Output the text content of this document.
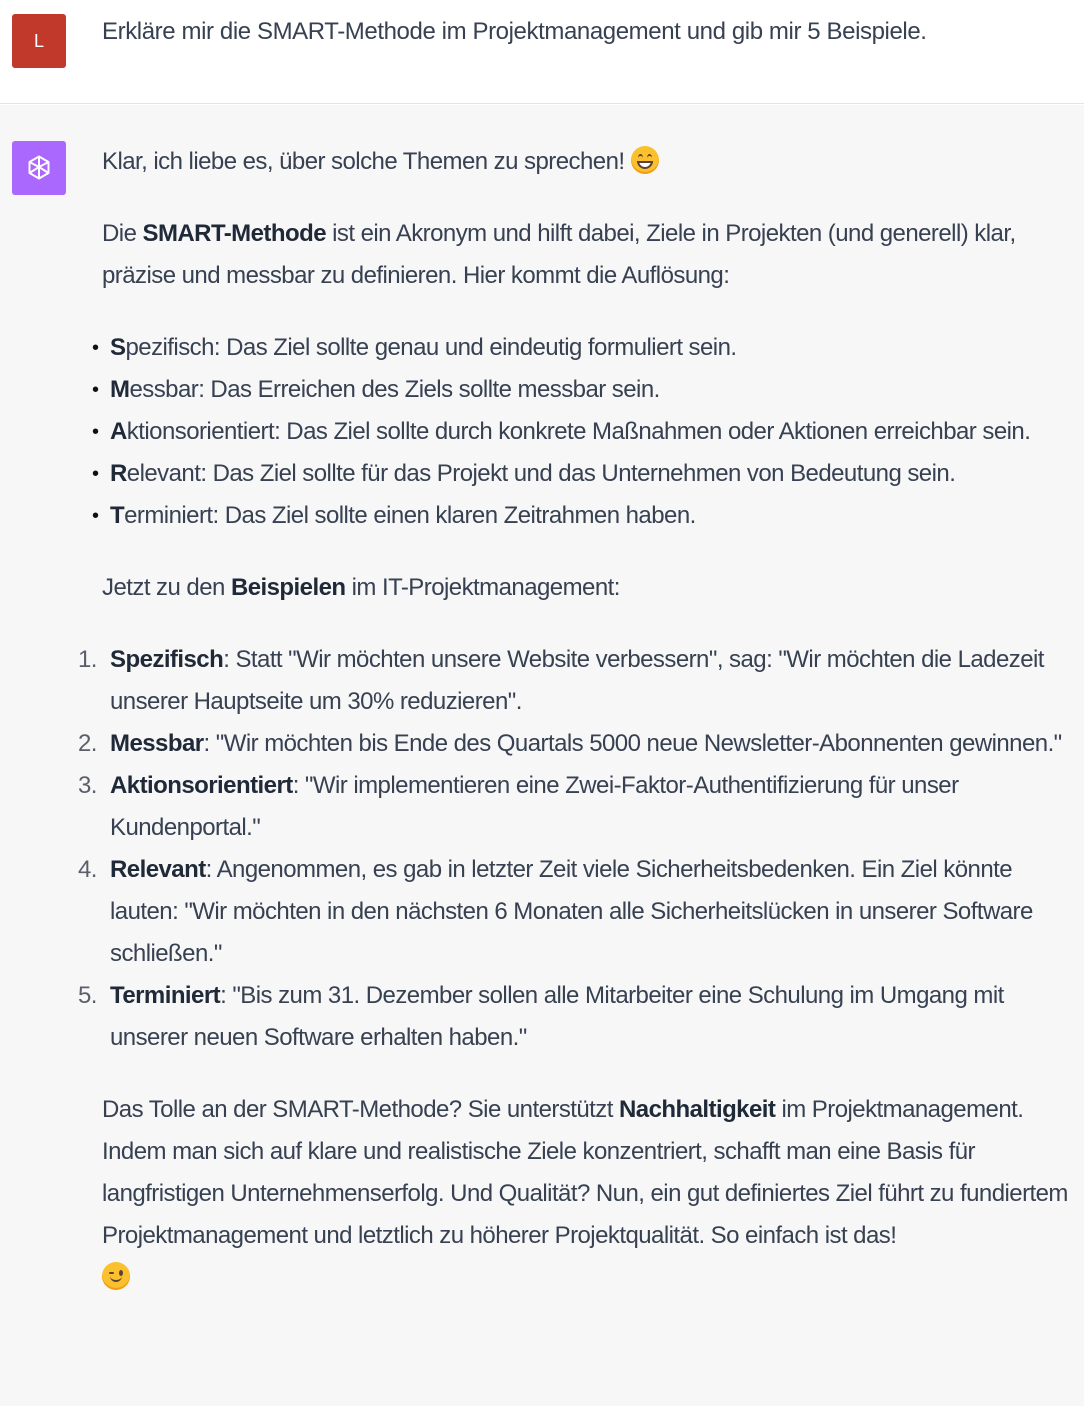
L Erkläre mir die SMART-Methode im Projektmanagement und gib mir 5 Beispiele.

Klar, ich liebe es, über solche Themen zu sprechen!

Die SMART-Methode ist ein Akronym und hilft dabei, Ziele in Projekten (und generell) klar, präzise und messbar zu definieren. Hier kommt die Auflösung:

• Spezifisch: Das Ziel sollte genau und eindeutig formuliert sein.
• Messbar: Das Erreichen des Ziels sollte messbar sein.
• Aktionsorientiert: Das Ziel sollte durch konkrete Maßnahmen oder Aktionen erreichbar sein.
• Relevant: Das Ziel sollte für das Projekt und das Unternehmen von Bedeutung sein.
• Terminiert: Das Ziel sollte einen klaren Zeitrahmen haben.

Jetzt zu den Beispielen im IT-Projektmanagement:

1. Spezifisch: Statt "Wir möchten unsere Website verbessern", sag: "Wir möchten die Ladezeit unserer Hauptseite um 30% reduzieren".
2. Messbar: "Wir möchten bis Ende des Quartals 5000 neue Newsletter-Abonnenten gewinnen."
3. Aktionsorientiert: "Wir implementieren eine Zwei-Faktor-Authentifizierung für unser Kundenportal."
4. Relevant: Angenommen, es gab in letzter Zeit viele Sicherheitsbedenken. Ein Ziel könnte lauten: "Wir möchten in den nächsten 6 Monaten alle Sicherheitslücken in unserer Software schließen."
5. Terminiert: "Bis zum 31. Dezember sollen alle Mitarbeiter eine Schulung im Umgang mit unserer neuen Software erhalten haben."

Das Tolle an der SMART-Methode? Sie unterstützt Nachhaltigkeit im Projektmanagement. Indem man sich auf klare und realistische Ziele konzentriert, schafft man eine Basis für langfristigen Unternehmenserfolg. Und Qualität? Nun, ein gut definiertes Ziel führt zu fundiertem Projektmanagement und letztlich zu höherer Projektqualität. So einfach ist das!
